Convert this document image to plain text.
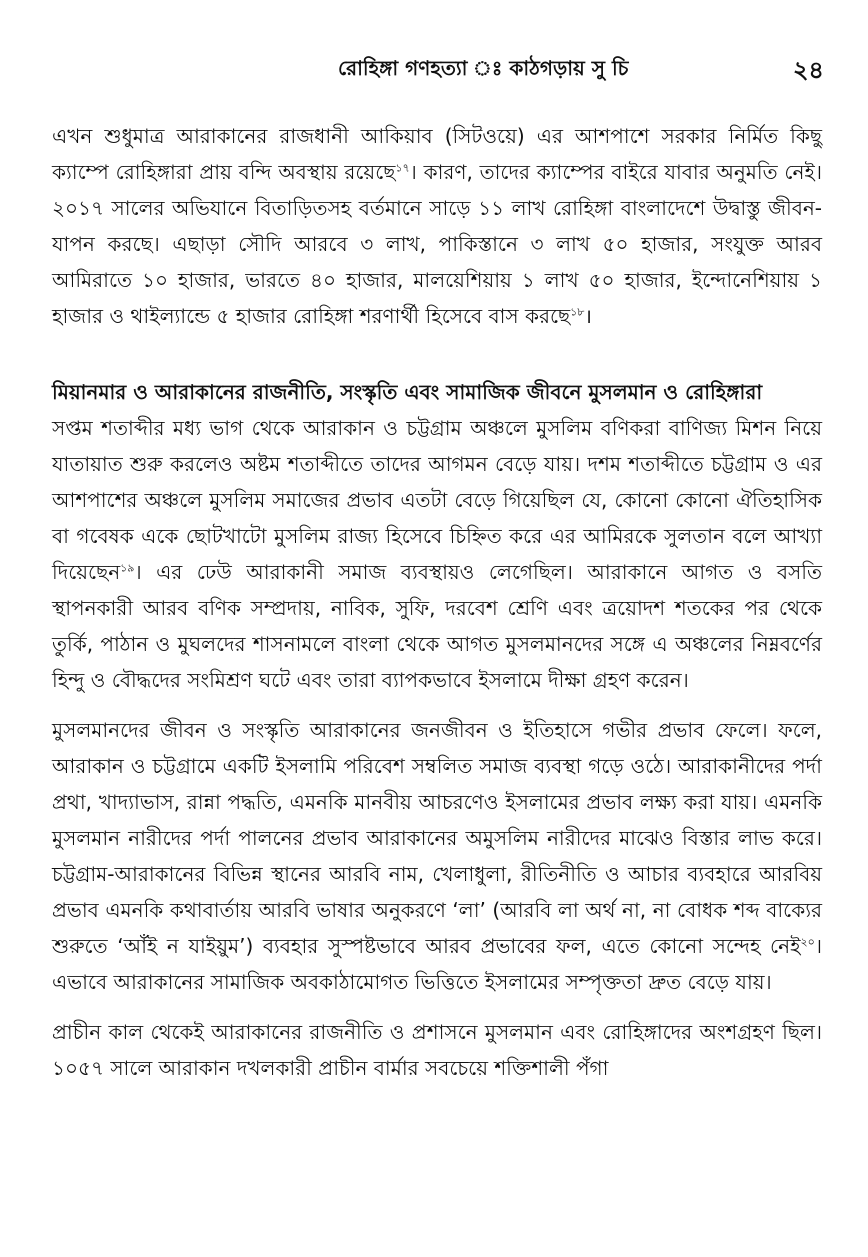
রোহিঙ্গা গণহত্যা ঃ কাঠগড়ায় সু চি	২৪

এখন শুধুমাত্র আরাকানের রাজধানী আকিয়াব (সিটওয়ে) এর আশপাশে সরকার নির্মিত কিছু ক্যাম্পে রোহিঙ্গারা প্রায় বন্দি অবস্থায় রয়েছে$^{১৭}$। কারণ, তাদের ক্যাম্পের বাইরে যাবার অনুমতি নেই। ২০১৭ সালের অভিযানে বিতাড়িতসহ বর্তমানে সাড়ে ১১ লাখ রোহিঙ্গা বাংলাদেশে উদ্বাস্তু জীবন-যাপন করছে। এছাড়া সৌদি আরবে ৩ লাখ, পাকিস্তানে ৩ লাখ ৫০ হাজার, সংযুক্ত আরব আমিরাতে ১০ হাজার, ভারতে ৪০ হাজার, মালয়েশিয়ায় ১ লাখ ৫০ হাজার, ইন্দোনেশিয়ায় ১ হাজার ও থাইল্যান্ডে ৫ হাজার রোহিঙ্গা শরণার্থী হিসেবে বাস করছে$^{১৮}$।

মিয়ানমার ও আরাকানের রাজনীতি, সংস্কৃতি এবং সামাজিক জীবনে মুসলমান ও রোহিঙ্গারা

সপ্তম শতাব্দীর মধ্য ভাগ থেকে আরাকান ও চট্টগ্রাম অঞ্চলে মুসলিম বণিকরা বাণিজ্য মিশন নিয়ে যাতায়াত শুরু করলেও অষ্টম শতাব্দীতে তাদের আগমন বেড়ে যায়। দশম শতাব্দীতে চট্টগ্রাম ও এর আশপাশের অঞ্চলে মুসলিম সমাজের প্রভাব এতটা বেড়ে গিয়েছিল যে, কোনো কোনো ঐতিহাসিক বা গবেষক একে ছোটখাটো মুসলিম রাজ্য হিসেবে চিহ্নিত করে এর আমিরকে সুলতান বলে আখ্যা দিয়েছেন$^{১৯}$। এর ঢেউ আরাকানী সমাজ ব্যবস্থায়ও লেগেছিল। আরাকানে আগত ও বসতি স্থাপনকারী আরব বণিক সম্প্রদায়, নাবিক, সুফি, দরবেশ শ্রেণি এবং ত্রয়োদশ শতকের পর থেকে তুর্কি, পাঠান ও মুঘলদের শাসনামলে বাংলা থেকে আগত মুসলমানদের সঙ্গে এ অঞ্চলের নিম্নবর্ণের হিন্দু ও বৌদ্ধদের সংমিশ্রণ ঘটে এবং তারা ব্যাপকভাবে ইসলামে দীক্ষা গ্রহণ করেন।

মুসলমানদের জীবন ও সংস্কৃতি আরাকানের জনজীবন ও ইতিহাসে গভীর প্রভাব ফেলে। ফলে, আরাকান ও চট্টগ্রামে একটি ইসলামি পরিবেশ সম্বলিত সমাজ ব্যবস্থা গড়ে ওঠে। আরাকানীদের পর্দা প্রথা, খাদ্যাভাস, রান্না পদ্ধতি, এমনকি মানবীয় আচরণেও ইসলামের প্রভাব লক্ষ্য করা যায়। এমনকি মুসলমান নারীদের পর্দা পালনের প্রভাব আরাকানের অমুসলিম নারীদের মাঝেও বিস্তার লাভ করে। চট্টগ্রাম-আরাকানের বিভিন্ন স্থানের আরবি নাম, খেলাধুলা, রীতিনীতি ও আচার ব্যবহারে আরবিয় প্রভাব এমনকি কথাবার্তায় আরবি ভাষার অনুকরণে ‘লা’ (আরবি লা অর্থ না, না বোধক শব্দ বাক্যের শুরুতে ‘আঁই ন যাইয়ুম’) ব্যবহার সুস্পষ্টভাবে আরব প্রভাবের ফল, এতে কোনো সন্দেহ নেই$^{২০}$। এভাবে আরাকানের সামাজিক অবকাঠামোগত ভিত্তিতে ইসলামের সম্পৃক্ততা দ্রুত বেড়ে যায়।

প্রাচীন কাল থেকেই আরাকানের রাজনীতি ও প্রশাসনে মুসলমান এবং রোহিঙ্গাদের অংশগ্রহণ ছিল। ১০৫৭ সালে আরাকান দখলকারী প্রাচীন বার্মার সবচেয়ে শক্তিশালী পঁগা
